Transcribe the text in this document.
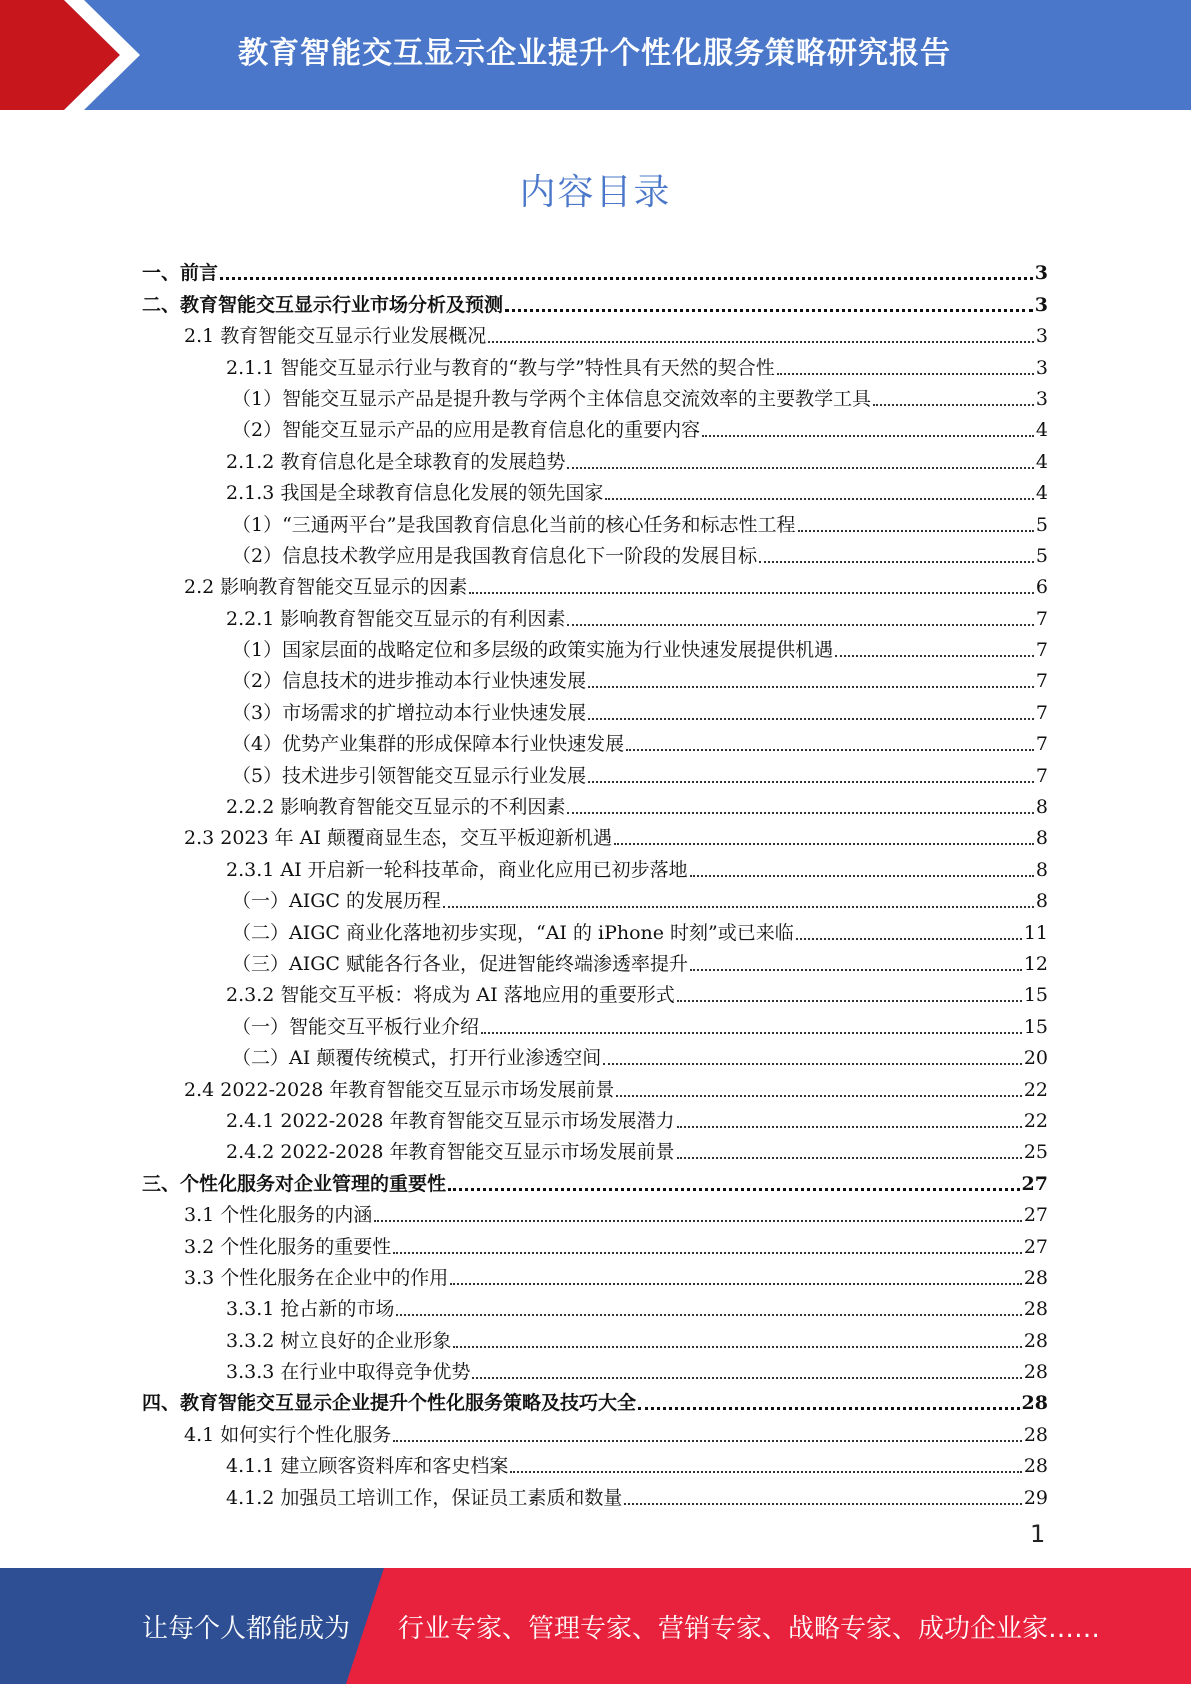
教育智能交互显示企业提升个性化服务策略研究报告
内容目录
一、前言	3
二、教育智能交互显示行业市场分析及预测	3
2.1 教育智能交互显示行业发展概况	3
2.1.1 智能交互显示行业与教育的“教与学”特性具有天然的契合性	3
（1）智能交互显示产品是提升教与学两个主体信息交流效率的主要教学工具	3
（2）智能交互显示产品的应用是教育信息化的重要内容	4
2.1.2 教育信息化是全球教育的发展趋势	4
2.1.3 我国是全球教育信息化发展的领先国家	4
（1）“三通两平台”是我国教育信息化当前的核心任务和标志性工程	5
（2）信息技术教学应用是我国教育信息化下一阶段的发展目标	5
2.2 影响教育智能交互显示的因素	6
2.2.1 影响教育智能交互显示的有利因素	7
（1）国家层面的战略定位和多层级的政策实施为行业快速发展提供机遇	7
（2）信息技术的进步推动本行业快速发展	7
（3）市场需求的扩增拉动本行业快速发展	7
（4）优势产业集群的形成保障本行业快速发展	7
（5）技术进步引领智能交互显示行业发展	7
2.2.2 影响教育智能交互显示的不利因素	8
2.3 2023 年 AI 颠覆商显生态，交互平板迎新机遇	8
2.3.1 AI 开启新一轮科技革命，商业化应用已初步落地	8
（一）AIGC 的发展历程	8
（二）AIGC 商业化落地初步实现，“AI 的 iPhone 时刻”或已来临	11
（三）AIGC 赋能各行各业，促进智能终端渗透率提升	12
2.3.2 智能交互平板：将成为 AI 落地应用的重要形式	15
（一）智能交互平板行业介绍	15
（二）AI 颠覆传统模式，打开行业渗透空间	20
2.4 2022-2028 年教育智能交互显示市场发展前景	22
2.4.1 2022-2028 年教育智能交互显示市场发展潜力	22
2.4.2 2022-2028 年教育智能交互显示市场发展前景	25
三、个性化服务对企业管理的重要性	27
3.1 个性化服务的内涵	27
3.2 个性化服务的重要性	27
3.3 个性化服务在企业中的作用	28
3.3.1 抢占新的市场	28
3.3.2 树立良好的企业形象	28
3.3.3 在行业中取得竞争优势	28
四、教育智能交互显示企业提升个性化服务策略及技巧大全	28
4.1 如何实行个性化服务	28
4.1.1 建立顾客资料库和客史档案	28
4.1.2 加强员工培训工作，保证员工素质和数量	29
1
让每个人都能成为 行业专家、管理专家、营销专家、战略专家、成功企业家……
